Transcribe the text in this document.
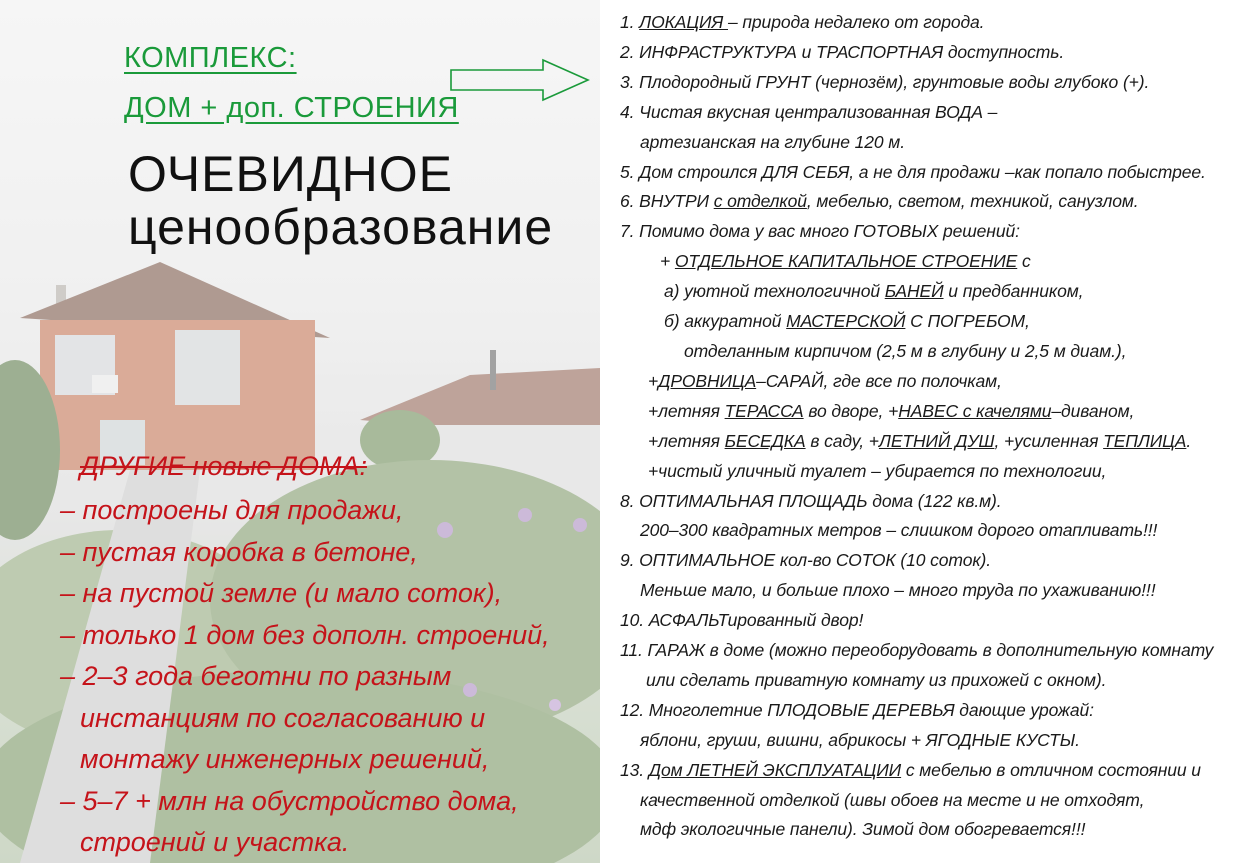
КОМПЛЕКС:
ДОМ + доп. СТРОЕНИЯ
ОЧЕВИДНОЕ
ценообразование
ДРУГИЕ новые ДОМА:
– построены для продажи,
– пустая коробка в бетоне,
– на пустой земле (и мало соток),
– только 1 дом без дополн. строений,
– 2–3 года беготни по разным
инстанциям по согласованию и
монтажу инженерных решений,
– 5–7 + млн на обустройство дома,
строений и участка.
1. ЛОКАЦИЯ – природа недалеко от города.
2. ИНФРАСТРУКТУРА и ТРАСПОРТНАЯ доступность.
3. Плодородный ГРУНТ (чернозём), грунтовые воды глубоко (+).
4. Чистая вкусная централизованная ВОДА –
артезианская на глубине 120 м.
5. Дом строился ДЛЯ СЕБЯ, а не для продажи –как попало побыстрее.
6. ВНУТРИ с отделкой, мебелью, светом, техникой, санузлом.
7. Помимо дома у вас много ГОТОВЫХ решений:
+ ОТДЕЛЬНОЕ КАПИТАЛЬНОЕ СТРОЕНИЕ с
а) уютной технологичной БАНЕЙ и предбанником,
б) аккуратной МАСТЕРСКОЙ С ПОГРЕБОМ,
отделанным кирпичом (2,5 м в глубину и 2,5 м диам.),
+ДРОВНИЦА–САРАЙ, где все по полочкам,
+летняя ТЕРАССА во дворе, +НАВЕС с качелями–диваном,
+летняя БЕСЕДКА в саду, +ЛЕТНИЙ ДУШ, +усиленная ТЕПЛИЦА.
+чистый уличный туалет – убирается по технологии,
8. ОПТИМАЛЬНАЯ ПЛОЩАДЬ дома (122 кв.м).
200–300 квадратных метров – слишком дорого отапливать!!!
9. ОПТИМАЛЬНОЕ кол-во СОТОК (10 соток).
Меньше мало, и больше плохо – много труда по ухаживанию!!!
10. АСФАЛЬТированный двор!
11. ГАРАЖ в доме (можно переоборудовать в дополнительную комнату
или сделать приватную комнату из прихожей с окном).
12. Многолетние ПЛОДОВЫЕ ДЕРЕВЬЯ дающие урожай:
яблони, груши, вишни, абрикосы + ЯГОДНЫЕ КУСТЫ.
13. Дом ЛЕТНЕЙ ЭКСПЛУАТАЦИИ с мебелью в отличном состоянии и
качественной отделкой (швы обоев на месте и не отходят,
мдф экологичные панели). Зимой дом обогревается!!!
